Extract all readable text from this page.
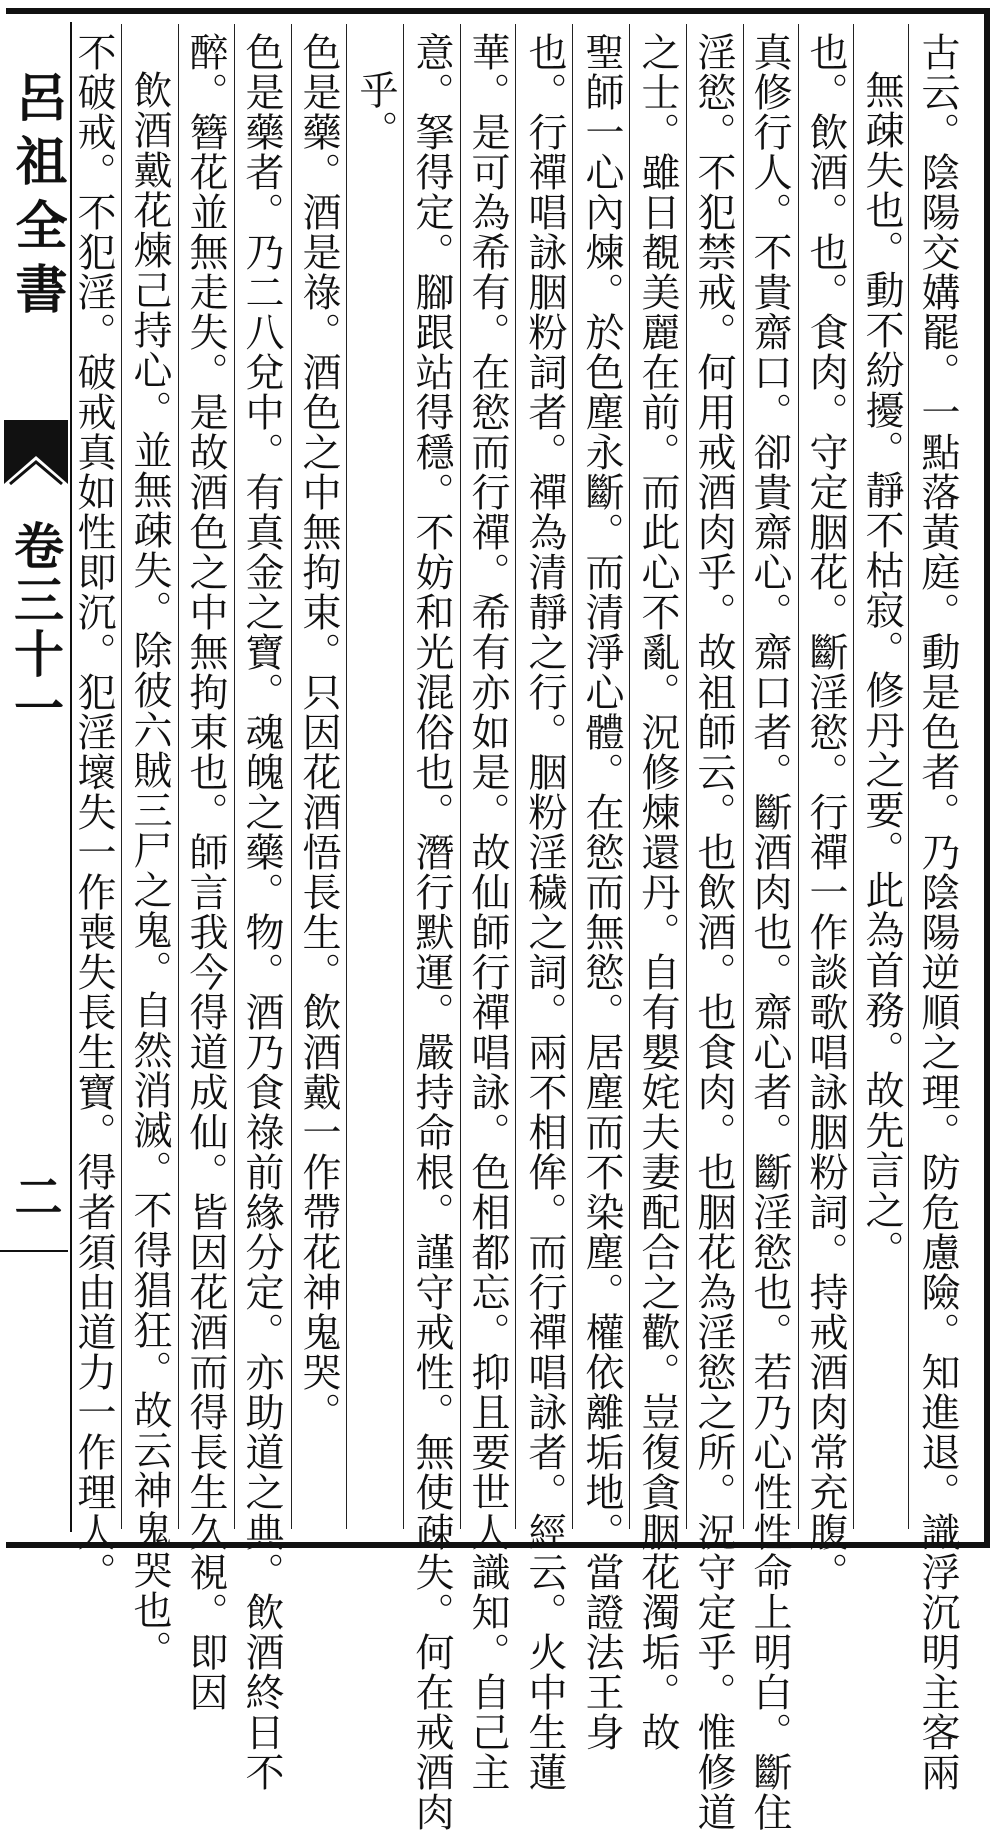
呂祖全書
卷三十一
二	古云。陰陽交媾罷。一點落黃庭。動是色者。乃陰陽逆順之理。防危慮險。知進退。識浮沉明主客兩
無疎失也。動不紛擾。靜不枯寂。修丹之要。此為首務。故先言之。
也。飲酒。也。食肉。守定胭花。斷淫慾。行禪一作談歌唱詠胭粉詞。持戒酒肉常充腹。
真修行人。不貴齋口。卻貴齋心。齋口者。斷酒肉也。齋心者。斷淫慾也。若乃心性性命上明白。斷住
淫慾。不犯禁戒。何用戒酒肉乎。故祖師云。也飲酒。也食肉。也胭花為淫慾之所。況守定乎。惟修道
之士。雖日覩美麗在前。而此心不亂。況修煉還丹。自有嬰姹夫妻配合之歡。豈復貪胭花濁垢。故
聖師一心內煉。於色塵永斷。而清淨心體。在慾而無慾。居塵而不染塵。權依離垢地。當證法王身
也。行禪唱詠胭粉詞者。禪為清靜之行。胭粉淫穢之詞。兩不相侔。而行禪唱詠者。經云。火中生蓮
華。是可為希有。在慾而行禪。希有亦如是。故仙師行禪唱詠。色相都忘。抑且要世人識知。自己主
意。拏得定。腳跟站得穩。不妨和光混俗也。潛行默運。嚴持命根。謹守戒性。無使疎失。何在戒酒肉
乎。
色是藥。酒是祿。酒色之中無拘束。只因花酒悟長生。飲酒戴一作帶花神鬼哭。
色是藥者。乃二八兌中。有真金之寶。魂魄之藥。物。酒乃食祿前緣分定。亦助道之典。飲酒終日不
醉。簪花並無走失。是故酒色之中無拘束也。師言我今得道成仙。皆因花酒而得長生久視。即因
飲酒戴花煉己持心。並無疎失。除彼六賊三尸之鬼。自然消滅。不得猖狂。故云神鬼哭也。
不破戒。不犯淫。破戒真如性即沉。犯淫壞失一作喪失長生寶。得者須由道力一作理人。
